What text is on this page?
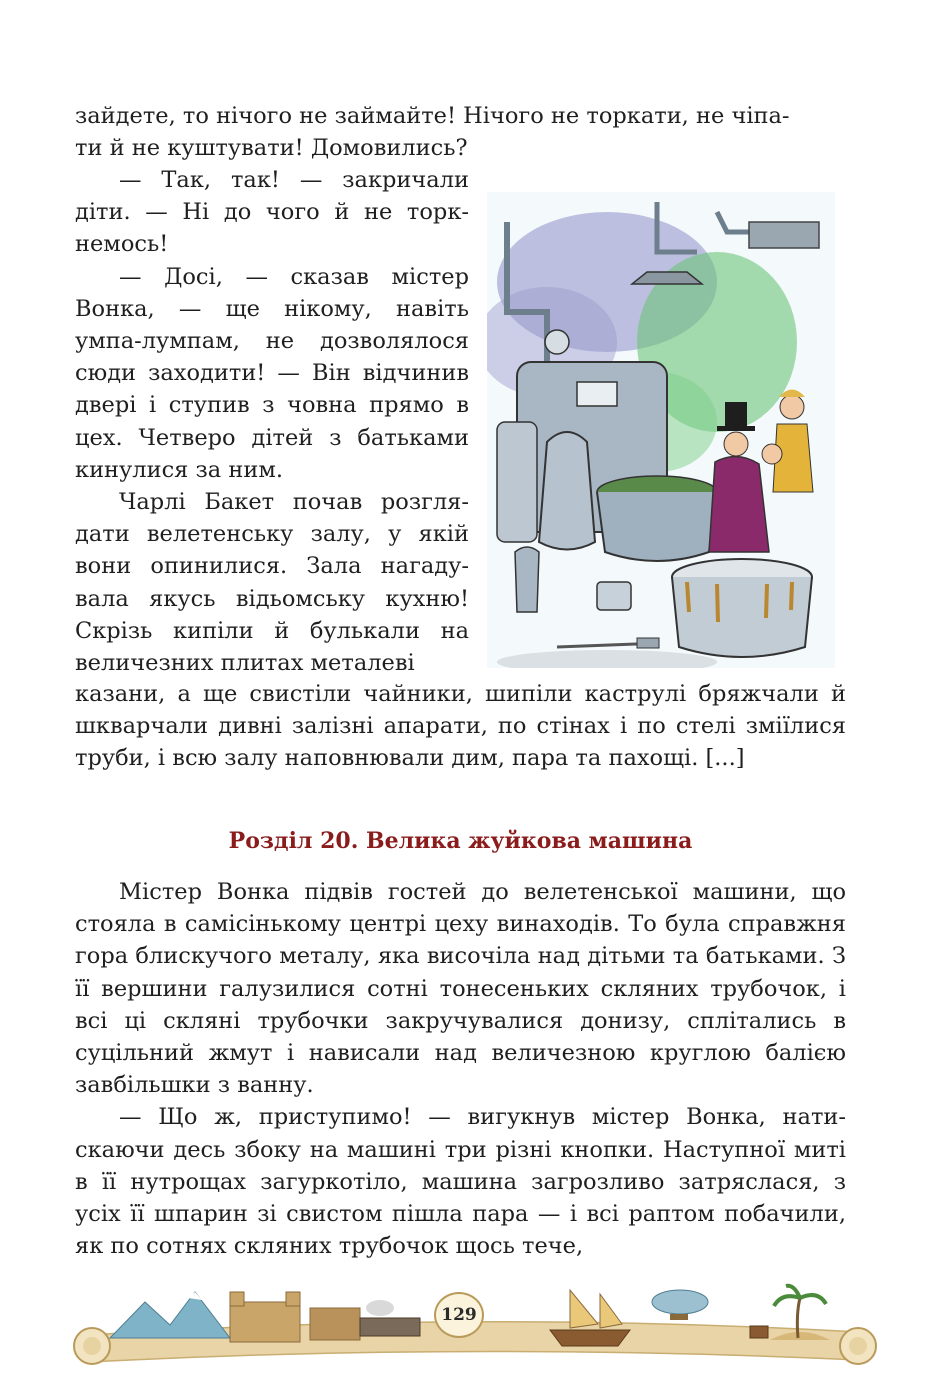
зайдете, то нічого не займайте! Нічого не торкати, не чіпа-
ти й не куштувати! Домовились?

— Так, так! — закричали діти. — Ні до чого й не торкнемось!

— Досі, — сказав містер Вонка, — ще нікому, навіть умпа-лумпам, не дозволялося сюди заходити! — Він відчинив двері і ступив з човна прямо в цех. Четверо дітей з батьками кинулися за ним.

Чарлі Бакет почав розглядати велетенську залу, у якій вони опинилися. Зала нагадувала якусь відьомську кухню! Скрізь кипіли й булькали на величезних плитах металеві

казани, а ще свистіли чайники, шипіли каструлі бряжчали й шкварчали дивні залізні апарати, по стінах і по стелі зміїлися труби, і всю залу наповнювали дим, пара та пахощі. [...]

Розділ 20. Велика жуйкова машина

Містер Вонка підвів гостей до велетенської машини, що стояла в самісінькому центрі цеху винаходів. То була справжня гора блискучого металу, яка височіла над дітьми та батьками. З її вершини галузилися сотні тонесеньких скляних трубочок, і всі ці скляні трубочки закручувалися донизу, сплітались в суцільний жмут і нависали над величезною круглою балією завбільшки з ванну.

— Що ж, приступимо! — вигукнув містер Вонка, натискаючи десь збоку на машині три різні кнопки. Наступної миті в її нутрощах загуркотіло, машина загрозливо затряслася, з усіх її шпарин зі свистом пішла пара — і всі раптом побачили, як по сотнях скляних трубочок щось тече,

129
